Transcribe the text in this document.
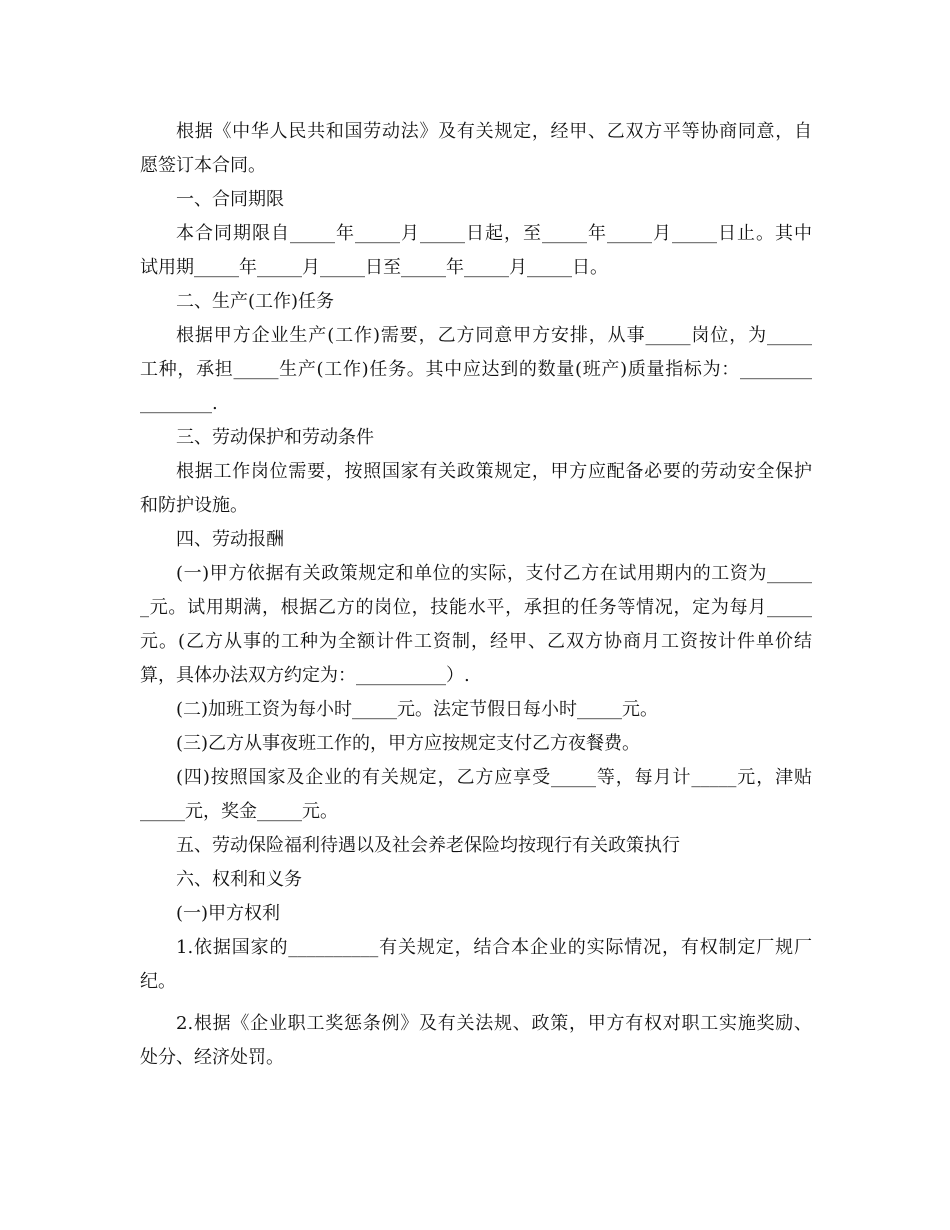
根据《中华人民共和国劳动法》及有关规定，经甲、乙双方平等协商同意，自
愿签订本合同。
一、合同期限
本合同期限自_____年_____月_____日起，至_____年_____月_____日止。其中
试用期_____年_____月_____日至_____年_____月_____日。
二、生产(工作)任务
根据甲方企业生产(工作)需要，乙方同意甲方安排，从事_____岗位，为_____
工种，承担_____生产(工作)任务。其中应达到的数量(班产)质量指标为：________
________.
三、劳动保护和劳动条件
根据工作岗位需要，按照国家有关政策规定，甲方应配备必要的劳动安全保护
和防护设施。
四、劳动报酬
(一)甲方依据有关政策规定和单位的实际，支付乙方在试用期内的工资为_____
_元。试用期满，根据乙方的岗位，技能水平，承担的任务等情况，定为每月_____
元。(乙方从事的工种为全额计件工资制，经甲、乙双方协商月工资按计件单价结
算，具体办法双方约定为：__________）.
(二)加班工资为每小时_____元。法定节假日每小时_____元。
(三)乙方从事夜班工作的，甲方应按规定支付乙方夜餐费。
(四)按照国家及企业的有关规定，乙方应享受_____等，每月计_____元，津贴
_____元，奖金_____元。
五、劳动保险福利待遇以及社会养老保险均按现行有关政策执行
六、权利和义务
(一)甲方权利
1.依据国家的__________有关规定，结合本企业的实际情况，有权制定厂规厂
纪。
2.根据《企业职工奖惩条例》及有关法规、政策，甲方有权对职工实施奖励、
处分、经济处罚。
